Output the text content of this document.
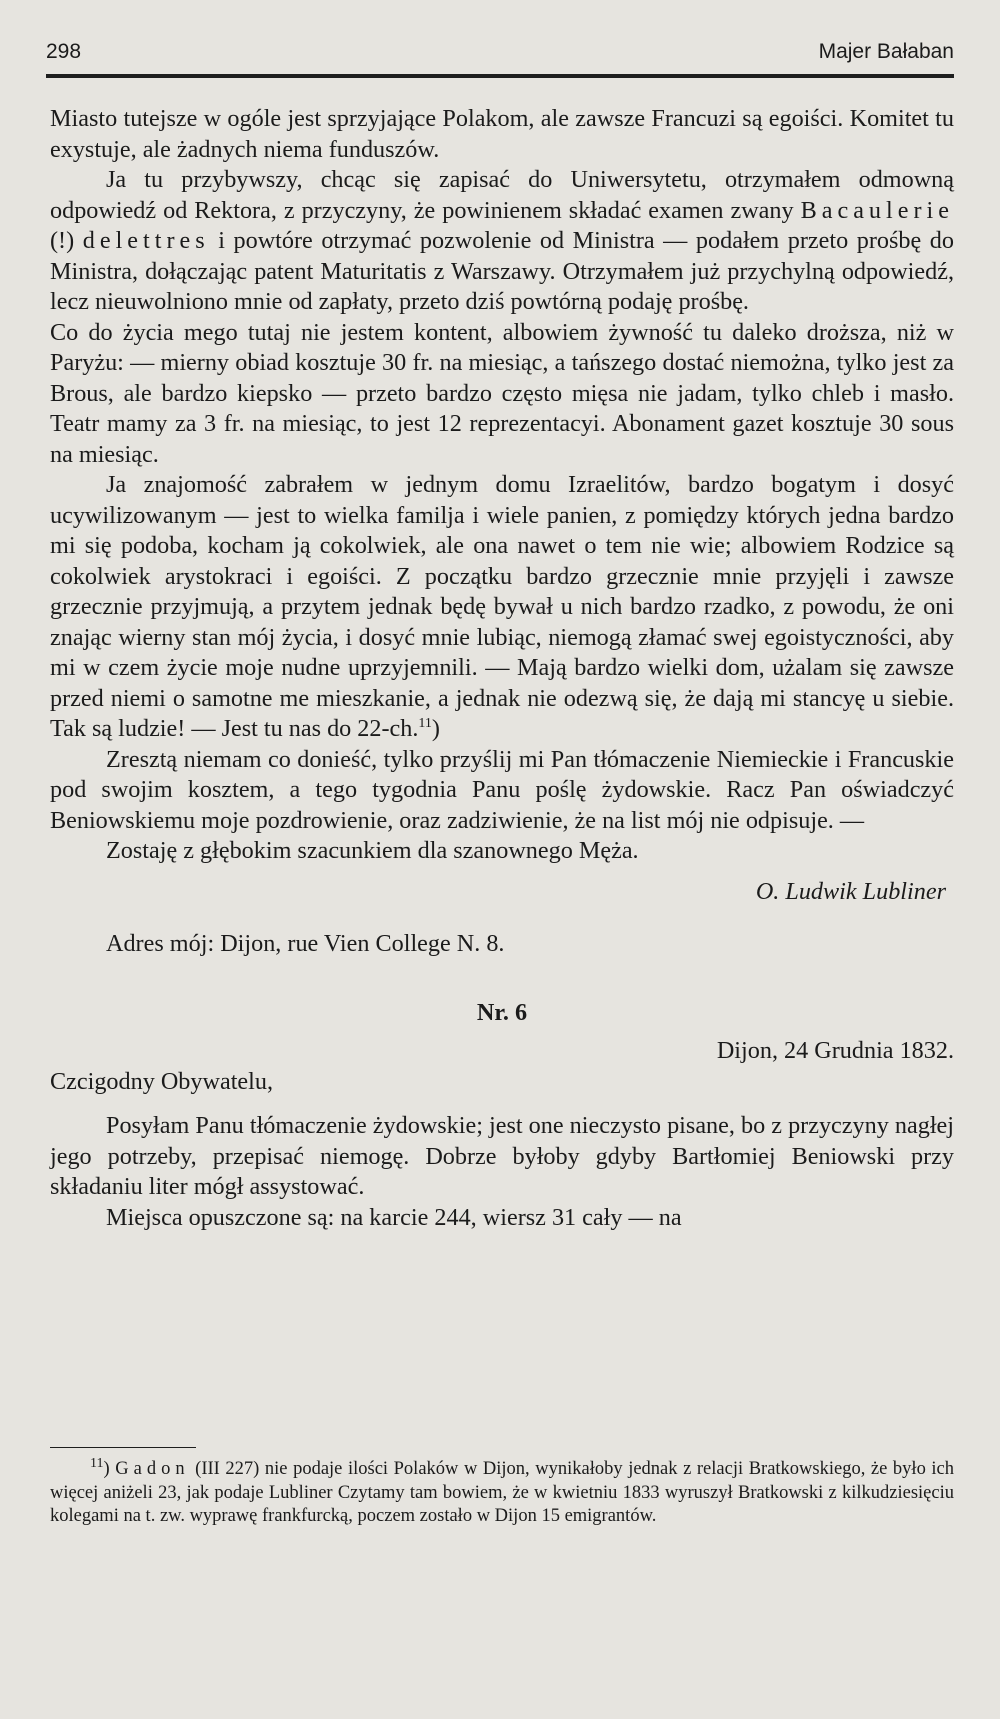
298	Majer Bałaban

Miasto tutejsze w ogóle jest sprzyjające Polakom, ale zawsze Francuzi są egoiści. Komitet tu exystuje, ale żadnych niema funduszów.

Ja tu przybywszy, chcąc się zapisać do Uniwersytetu, otrzymałem odmowną odpowiedź od Rektora, z przyczyny, że powinienem składać examen zwany Bacaulerie (!) delettres i powtóre otrzymać pozwolenie od Ministra — podałem przeto prośbę do Ministra, dołączając patent Maturitatis z Warszawy. Otrzymałem już przychylną odpowiedź, lecz nieuwolniono mnie od zapłaty, przeto dziś powtórną podaję prośbę.

Co do życia mego tutaj nie jestem kontent, albowiem żywność tu daleko droższa, niż w Paryżu: — mierny obiad kosztuje 30 fr. na miesiąc, a tańszego dostać niemożna, tylko jest za Brous, ale bardzo kiepsko — przeto bardzo często mięsa nie jadam, tylko chleb i masło. Teatr mamy za 3 fr. na miesiąc, to jest 12 reprezentacyi. Abonament gazet kosztuje 30 sous na miesiąc.

Ja znajomość zabrałem w jednym domu Izraelitów, bardzo bogatym i dosyć ucywilizowanym — jest to wielka familja i wiele panien, z pomiędzy których jedna bardzo mi się podoba, kocham ją cokolwiek, ale ona nawet o tem nie wie; albowiem Rodzice są cokolwiek arystokraci i egoiści. Z początku bardzo grzecznie mnie przyjęli i zawsze grzecznie przyjmują, a przytem jednak będę bywał u nich bardzo rzadko, z powodu, że oni znając wierny stan mój życia, i dosyć mnie lubiąc, niemogą złamać swej egoistyczności, aby mi w czem życie moje nudne uprzyjemnili. — Mają bardzo wielki dom, użalam się zawsze przed niemi o samotne me mieszkanie, a jednak nie odezwą się, że dają mi stancyę u siebie. Tak są ludzie! — Jest tu nas do 22-ch.$^{11}$)

Zresztą niemam co donieść, tylko przyślij mi Pan tłómaczenie Niemieckie i Francuskie pod swojim kosztem, a tego tygodnia Panu poślę żydowskie. Racz Pan oświadczyć Beniowskiemu moje pozdrowienie, oraz zadziwienie, że na list mój nie odpisuje. —

Zostaję z głębokim szacunkiem dla szanownego Męża.

O. Ludwik Lubliner

Adres mój: Dijon, rue Vien College N. 8.

Nr. 6

Dijon, 24 Grudnia 1832.

Czcigodny Obywatelu,

Posyłam Panu tłómaczenie żydowskie; jest one nieczysto pisane, bo z przyczyny nagłej jego potrzeby, przepisać niemogę. Dobrze byłoby gdyby Bartłomiej Beniowski przy składaniu liter mógł assystować.

Miejsca opuszczone są: na karcie 244, wiersz 31 cały — na

$^{11}$) Gadon (III 227) nie podaje ilości Polaków w Dijon, wynikałoby jednak z relacji Bratkowskiego, że było ich więcej aniżeli 23, jak podaje Lubliner Czytamy tam bowiem, że w kwietniu 1833 wyruszył Bratkowski z kilkudziesięciu kolegami na t. zw. wyprawę frankfurcką, poczem zostało w Dijon 15 emigrantów.
